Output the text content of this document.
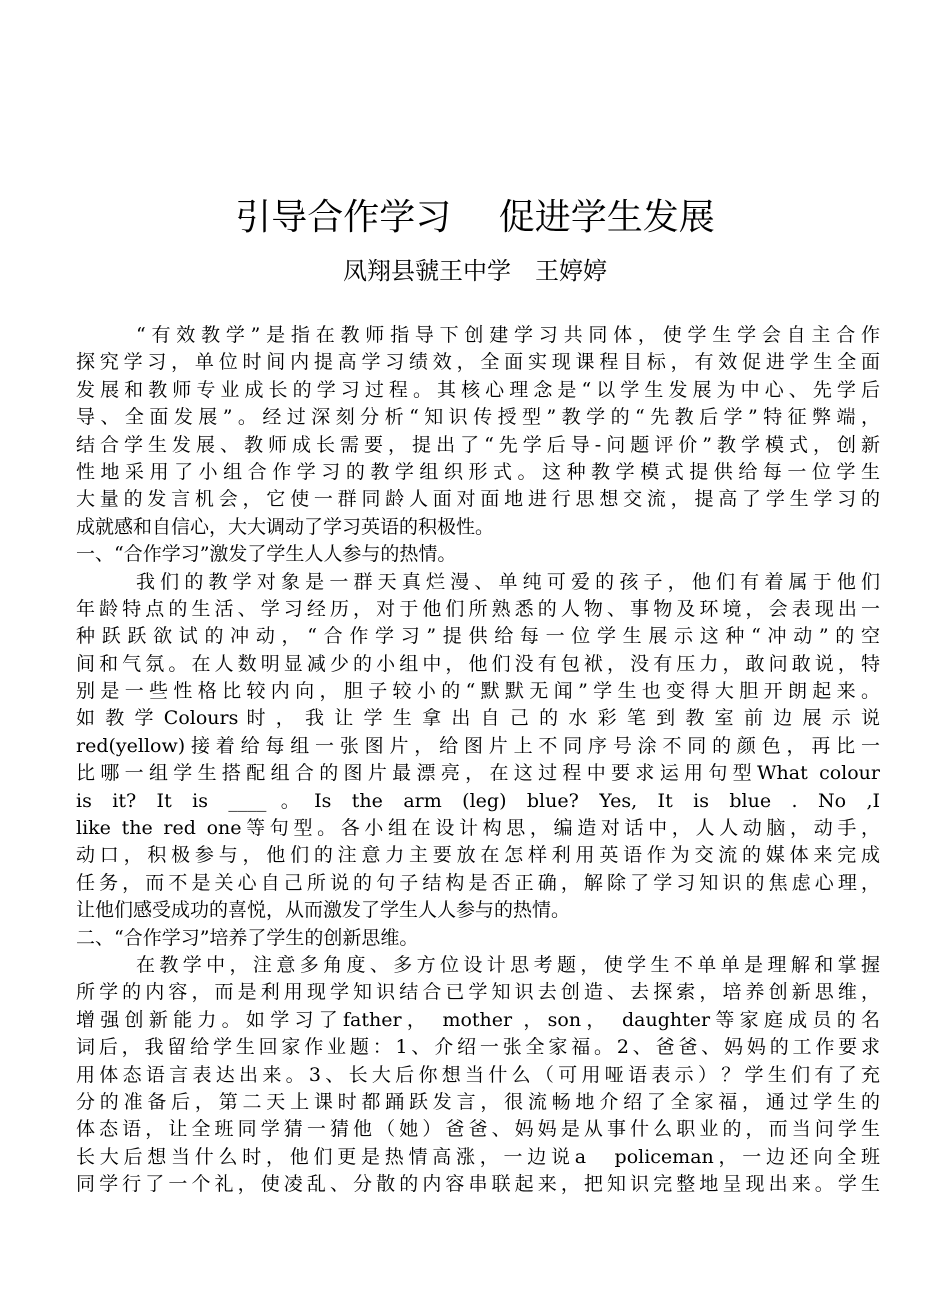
引导合作学习　 促进学生发展
凤翔县虢王中学　王婷婷
“有效教学”是指在教师指导下创建学习共同体，使学生学会自主合作
探究学习，单位时间内提高学习绩效，全面实现课程目标，有效促进学生全面
发展和教师专业成长的学习过程。其核心理念是“以学生发展为中心、先学后
导、全面发展”。经过深刻分析“知识传授型”教学的“先教后学”特征弊端，
结合学生发展、教师成长需要，提出了“先学后导-问题评价”教学模式，创新
性地采用了小组合作学习的教学组织形式。这种教学模式提供给每一位学生
大量的发言机会，它使一群同龄人面对面地进行思想交流，提高了学生学习的
成就感和自信心，大大调动了学习英语的积极性。
一、“合作学习”激发了学生人人参与的热情。
我们的教学对象是一群天真烂漫、单纯可爱的孩子，他们有着属于他们
年龄特点的生活、学习经历，对于他们所熟悉的人物、事物及环境，会表现出一
种跃跃欲试的冲动，“合作学习”提供给每一位学生展示这种“冲动”的空
间和气氛。在人数明显减少的小组中，他们没有包袱，没有压力，敢问敢说，特
别是一些性格比较内向，胆子较小的“默默无闻”学生也变得大胆开朗起来。
如 教 学 Colours 时 ， 我 让 学 生 拿 出 自 己 的 水 彩 笔 到 教 室 前 边 展 示 说
red(yellow)接着给每组一张图片，给图片上不同序号涂不同的颜色，再比一
比哪一组学生搭配组合的图片最漂亮，在这过程中要求运用句型What colour
is it? It is ____。Is the arm (leg) blue? Yes, It is blue . No ,I
like the red one等句型。各小组在设计构思，编造对话中，人人动脑，动手，
动口，积极参与，他们的注意力主要放在怎样利用英语作为交流的媒体来完成
任务，而不是关心自己所说的句子结构是否正确，解除了学习知识的焦虑心理，
让他们感受成功的喜悦，从而激发了学生人人参与的热情。
二、“合作学习”培养了学生的创新思维。
在教学中，注意多角度、多方位设计思考题，使学生不单单是理解和掌握
所学的内容，而是利用现学知识结合已学知识去创造、去探索，培养创新思维，
增强创新能力。如学习了father， mother ，son， daughter等家庭成员的名
词后，我留给学生回家作业题：1、介绍一张全家福。2、爸爸、妈妈的工作要求
用体态语言表达出来。3、长大后你想当什么（可用哑语表示）？学生们有了充
分的准备后，第二天上课时都踊跃发言，很流畅地介绍了全家福，通过学生的
体态语，让全班同学猜一猜他（她）爸爸、妈妈是从事什么职业的，而当问学生
长大后想当什么时，他们更是热情高涨，一边说a　policeman，一边还向全班
同学行了一个礼，使凌乱、分散的内容串联起来，把知识完整地呈现出来。学生
